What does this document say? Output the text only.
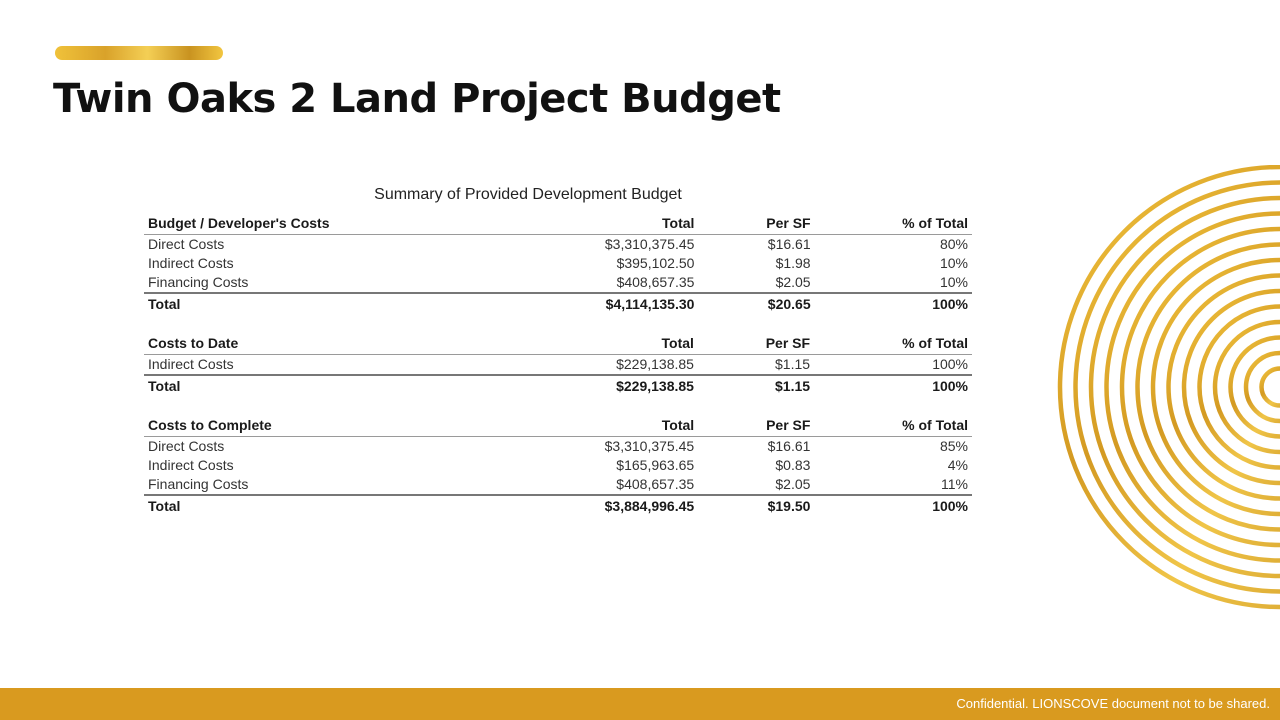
Twin Oaks 2 Land Project Budget
Summary of Provided Development Budget
Budget / Developer's Costs	Total	Per SF	% of Total
Direct Costs	$3,310,375.45	$16.61	80%
Indirect Costs	$395,102.50	$1.98	10%
Financing Costs	$408,657.35	$2.05	10%
Total	$4,114,135.30	$20.65	100%
Costs to Date	Total	Per SF	% of Total
Indirect Costs	$229,138.85	$1.15	100%
Total	$229,138.85	$1.15	100%
Costs to Complete	Total	Per SF	% of Total
Direct Costs	$3,310,375.45	$16.61	85%
Indirect Costs	$165,963.65	$0.83	4%
Financing Costs	$408,657.35	$2.05	11%
Total	$3,884,996.45	$19.50	100%
Confidential. LIONSCOVE document not to be shared.
